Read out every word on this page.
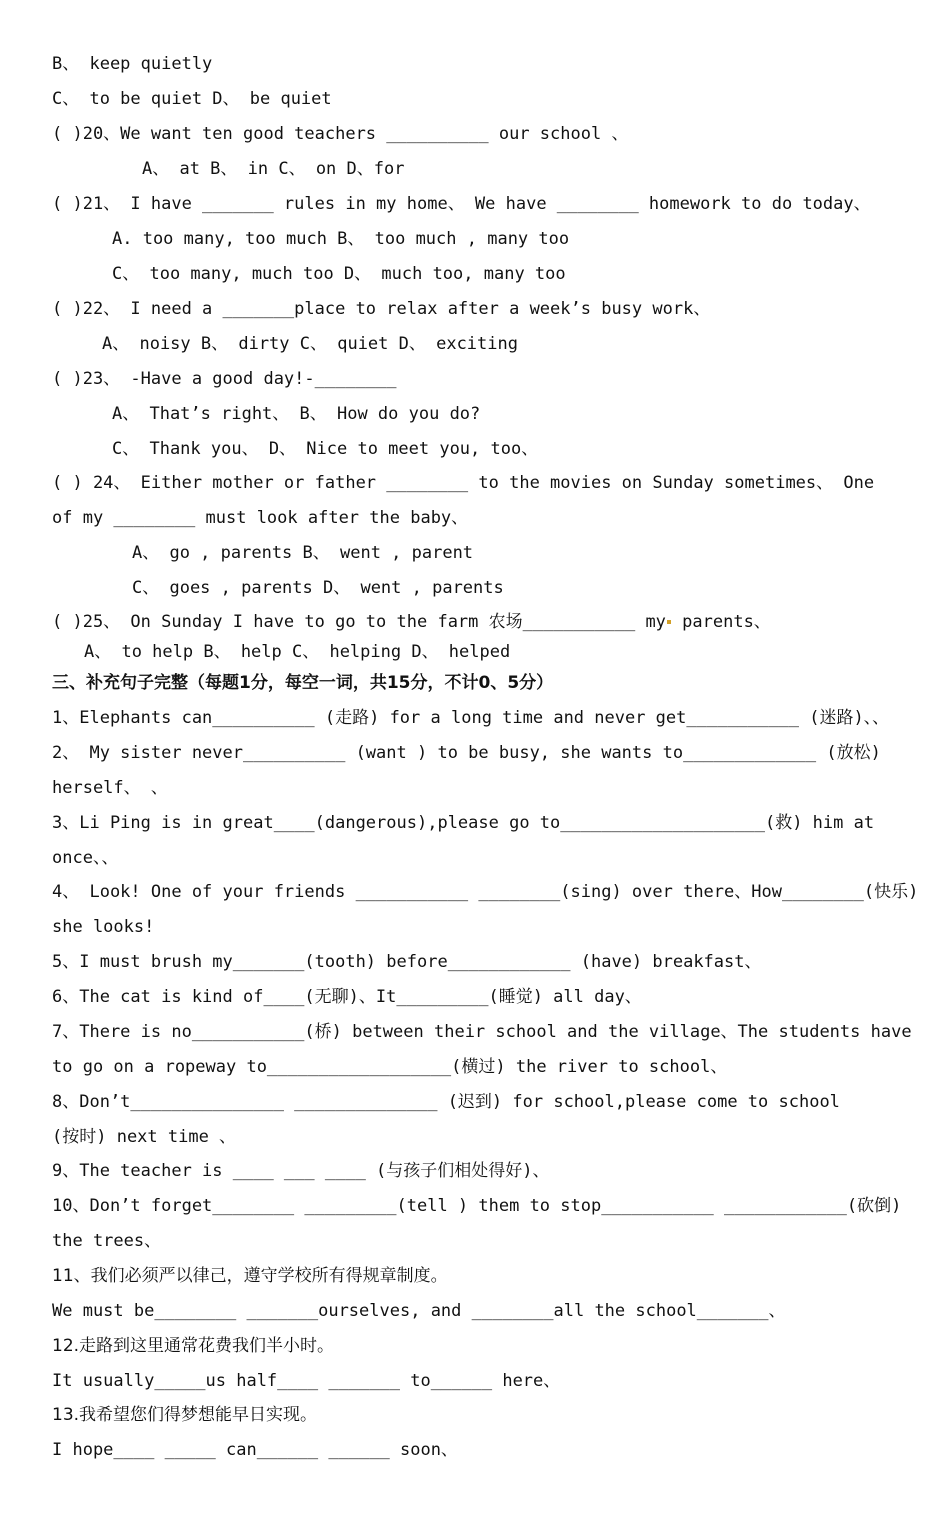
B、 keep quietly
C、 to be quiet D、 be quiet
( )20、We want ten good teachers __________ our school 、
A、 at B、 in C、 on D、for
( )21、 I have _______ rules in my home、 We have ________ homework to do today、
A. too many, too much B、 too much , many too
C、 too many, much too D、 much too, many too
( )22、 I need a _______place to relax after a week’s busy work、
A、 noisy B、 dirty C、 quiet D、 exciting
( )23、 -Have a good day!-________
A、 That’s right、 B、 How do you do?
C、 Thank you、 D、 Nice to meet you, too、
( ) 24、 Either mother or father ________ to the movies on Sunday sometimes、 One
of my ________ must look after the baby、
A、 go , parents B、 went , parent
C、 goes , parents D、 went , parents
( )25、 On Sunday I have to go to the farm 农场___________ my parents、
A、 to help B、 help C、 helping D、 helped
三、补充句子完整（每题1分，每空一词，共15分，不计0、5分）
1、Elephants can__________ (走路) for a long time and never get___________ (迷路)、、
2、 My sister never__________ (want ) to be busy, she wants to_____________ (放松)
herself、 、
3、Li Ping is in great____(dangerous),please go to____________________(救) him at
once、、
4、 Look! One of your friends ___________ ________(sing) over there、How________(快乐)
she looks!
5、I must brush my_______(tooth) before____________ (have) breakfast、
6、The cat is kind of____(无聊)、It_________(睡觉) all day、
7、There is no___________(桥) between their school and the village、The students have
to go on a ropeway to__________________(横过) the river to school、
8、Don’t_______________ ______________ (迟到) for school,please come to school
(按时) next time 、
9、The teacher is ____ ___ ____ (与孩子们相处得好)、
10、Don’t forget________ _________(tell ) them to stop___________ ____________(砍倒)
the trees、
11、我们必须严以律己，遵守学校所有得规章制度。
We must be________ _______ourselves, and ________all the school_______、
12.走路到这里通常花费我们半小时。
It usually_____us half____ _______ to______ here、
13.我希望您们得梦想能早日实现。
I hope____ _____ can______ ______ soon、
